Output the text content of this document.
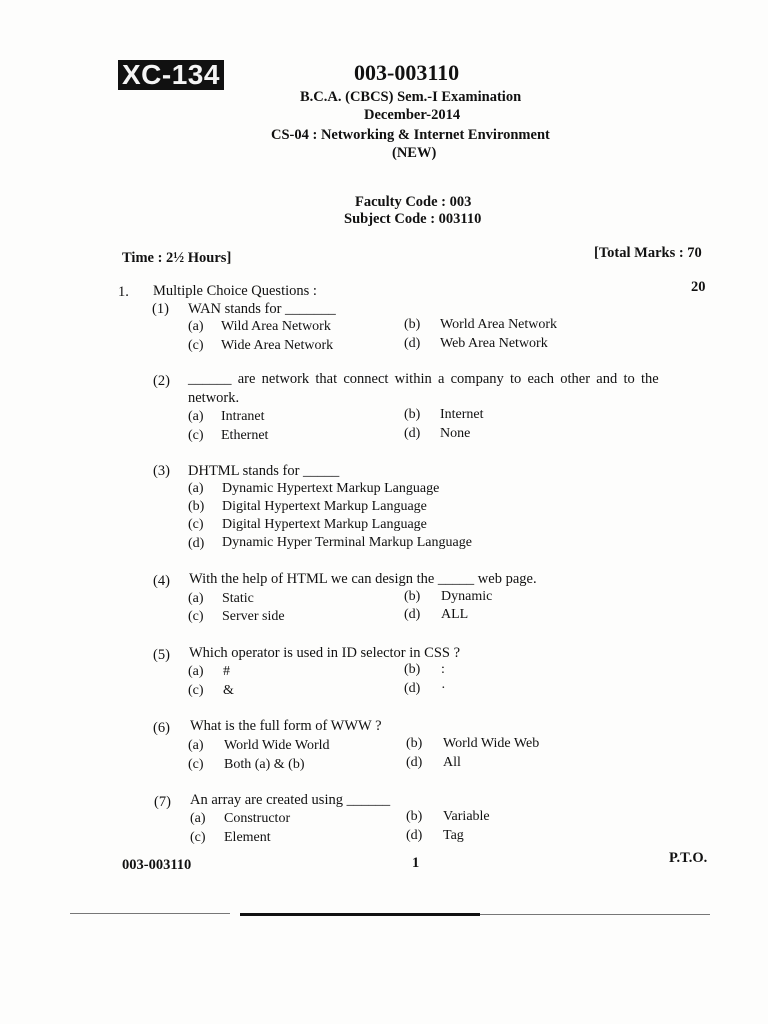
XC-134	003-003110
B.C.A. (CBCS) Sem.-I Examination
December-2014
CS-04 : Networking & Internet Environment
(NEW)
Faculty Code : 003
Subject Code : 003110
Time : 2½ Hours]	[Total Marks : 70
1. Multiple Choice Questions :	20
(1) WAN stands for _______
(a) Wild Area Network	(b) World Area Network
(c) Wide Area Network	(d) Web Area Network
(2) ______ are network that connect within a company to each other and to the
network.
(a) Intranet	(b) Internet
(c) Ethernet	(d) None
(3) DHTML stands for _____
(a) Dynamic Hypertext Markup Language
(b) Digital Hypertext Markup Language
(c) Digital Hypertext Markup Language
(d) Dynamic Hyper Terminal Markup Language
(4) With the help of HTML we can design the _____ web page.
(a) Static	(b) Dynamic
(c) Server side	(d) ALL
(5) Which operator is used in ID selector in CSS ?
(a) #	(b) :
(c) &	(d) ·
(6) What is the full form of WWW ?
(a) World Wide World	(b) World Wide Web
(c) Both (a) & (b)	(d) All
(7) An array are created using ______
(a) Constructor	(b) Variable
(c) Element	(d) Tag
003-003110	1	P.T.O.
